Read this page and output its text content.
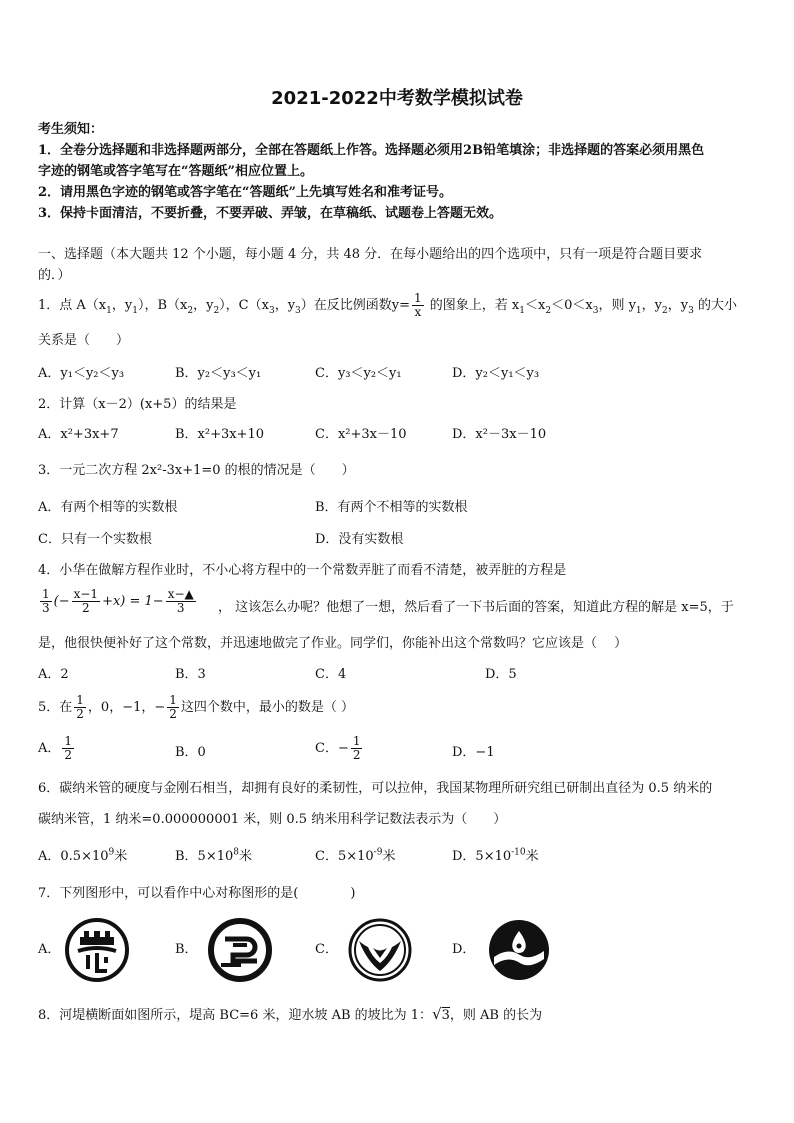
2021-2022中考数学模拟试卷
考生须知：
1．全卷分选择题和非选择题两部分，全部在答题纸上作答。选择题必须用2B铅笔填涂；非选择题的答案必须用黑色
字迹的钢笔或答字笔写在“答题纸”相应位置上。
2．请用黑色字迹的钢笔或答字笔在“答题纸”上先填写姓名和准考证号。
3．保持卡面清洁，不要折叠，不要弄破、弄皱，在草稿纸、试题卷上答题无效。
一、选择题（本大题共 12 个小题，每小题 4 分，共 48 分．在每小题给出的四个选项中，只有一项是符合题目要求
的．）
1．点 $A(x_1$，$y_1$），$B(x_2$，$y_2$），$C(x_3$，$y_3$）在反比例函数$y= \frac{1}{x}$ 的图象上，若 $x_1<x_2<0<x_3$，则 $y_1$，$y_2$，$y_3$ 的大小
关系是（　　）
A．y₁＜y₂＜y₃	B．y₂＜y₃＜y₁	C．y₃＜y₂＜y₁	D．y₂＜y₁＜y₃
2．计算（x－2）(x+5）的结果是
A．x²+3x+7	B．x²+3x+10	C．x²+3x－10	D．x²－3x－10
3．一元二次方程 2x²-3x+1=0 的根的情况是（　　）
A．有两个相等的实数根	B．有两个不相等的实数根
C．只有一个实数根	D．没有实数根
4．小华在做解方程作业时，不小心将方程中的一个常数弄脏了而看不清楚，被弄脏的方程是
$\frac{1}{3}$ (− $\frac{x-1}{2} +x) = 1- \frac{x-▲}{3}$ ， 这该怎么办呢？他想了一想，然后看了一下书后面的答案，知道此方程的解是 x=5，于
是，他很快便补好了这个常数，并迅速地做完了作业。同学们，你能补出这个常数吗？它应该是（　 ）
A．2	B．3	C．4	D．5
5．在 $\frac{1}{2}$ ，0，−1，− $\frac{1}{2}$ 这四个数中，最小的数是（ ）
A． $\frac{1}{2}$	B．0	C．− $\frac{1}{2}$	D．−1
6．碳纳米管的硬度与金刚石相当，却拥有良好的柔韧性，可以拉伸，我国某物理所研究组已研制出直径为 0.5 纳米的
碳纳米管，1 纳米=0.000000001 米，则 0.5 纳米用科学记数法表示为（　　）
A．$0.5\times 10^9$米	B．$5\times 10^8$米	C．$5\times 10^{-9}$米	D．$5\times 10^{-10}$米
7．下列图形中，可以看作中心对称图形的是(　　　　)
A．	B．	C．	D．
8．河堤横断面如图所示，堤高 BC=6 米，迎水坡 AB 的坡比为 1：√3，则 AB 的长为
